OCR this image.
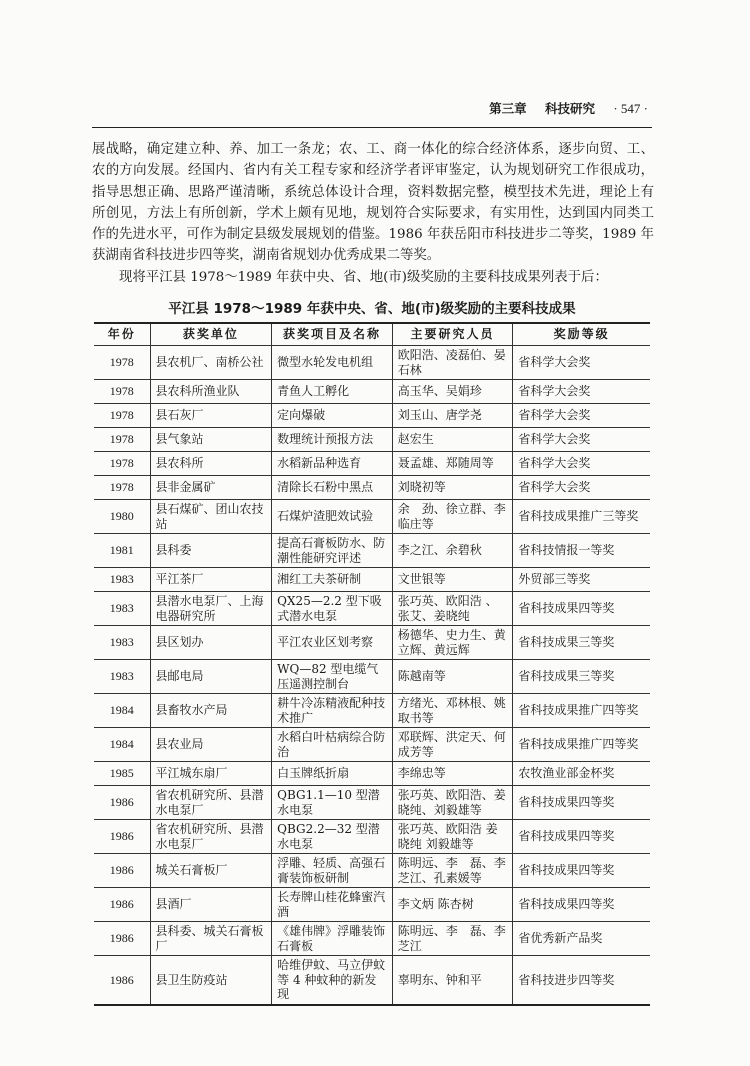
第三章 科技研究 · 547 ·

展战略，确定建立种、养、加工一条龙；农、工、商一体化的综合经济体系，逐步向贸、工、农的方向发展。经国内、省内有关工程专家和经济学者评审鉴定，认为规划研究工作很成功，指导思想正确、思路严谨清晰，系统总体设计合理，资料数据完整，模型技术先进，理论上有所创见，方法上有所创新，学术上颇有见地，规划符合实际要求，有实用性，达到国内同类工作的先进水平，可作为制定县级发展规划的借鉴。1986 年获岳阳市科技进步二等奖，1989 年获湖南省科技进步四等奖，湖南省规划办优秀成果二等奖。

现将平江县 1978～1989 年获中央、省、地(市)级奖励的主要科技成果列表于后：

平江县 1978～1989 年获中央、省、地(市)级奖励的主要科技成果
年份	获奖单位	获奖项目及名称	主要研究人员	奖励等级
1978	县农机厂、南桥公社	微型水轮发电机组	欧阳浩、凌磊伯、晏石林	省科学大会奖
1978	县农科所渔业队	青鱼人工孵化	高玉华、吴娟珍	省科学大会奖
1978	县石灰厂	定向爆破	刘玉山、唐学尧	省科学大会奖
1978	县气象站	数理统计预报方法	赵宏生	省科学大会奖
1978	县农科所	水稻新品种选育	聂孟雄、郑随周等	省科学大会奖
1978	县非金属矿	清除长石粉中黑点	刘晓初等	省科学大会奖
1980	县石煤矿、团山农技站	石煤炉渣肥效试验	余　劲、徐立群、李临庄等	省科技成果推广三等奖
1981	县科委	提高石膏板防水、防潮性能研究评述	李之江、余碧秋	省科技情报一等奖
1983	平江茶厂	湘红工夫茶研制	文世银等	外贸部三等奖
1983	县潜水电泵厂、上海电器研究所	QX25—2.2 型下吸式潜水电泵	张巧英、欧阳浩 、张艾、姜晓纯	省科技成果四等奖
1983	县区划办	平江农业区划考察	杨德华、史力生、黄立辉、黄远辉	省科技成果三等奖
1983	县邮电局	WQ—82 型电缆气压遥测控制台	陈越南等	省科技成果三等奖
1984	县畜牧水产局	耕牛冷冻精液配种技术推广	方绪光、邓林根、姚取书等	省科技成果推广四等奖
1984	县农业局	水稻白叶枯病综合防治	邓联辉、洪定天、何成芳等	省科技成果推广四等奖
1985	平江城东扇厂	白玉牌纸折扇	李绵忠等	农牧渔业部金杯奖
1986	省农机研究所、县潜水电泵厂	QBG1.1—10 型潜水电泵	张巧英、欧阳浩、姜晓纯、刘毅雄等	省科技成果四等奖
1986	省农机研究所、县潜水电泵厂	QBG2.2—32 型潜水电泵	张巧英、欧阳浩 姜晓纯 刘毅雄等	省科技成果四等奖
1986	城关石膏板厂	浮雕、轻质、高强石膏装饰板研制	陈明远、李　磊、李芝江、孔素媛等	省科技成果四等奖
1986	县酒厂	长寿牌山桂花蜂蜜汽酒	李文炳 陈杏树	省科技成果四等奖
1986	县科委、城关石膏板厂	《雄伟牌》浮雕装饰石膏板	陈明远、李　磊、李芝江	省优秀新产品奖
1986	县卫生防疫站	哈维伊蚊、马立伊蚊等 4 种蚊种的新发现	辜明东、钟和平	省科技进步四等奖
